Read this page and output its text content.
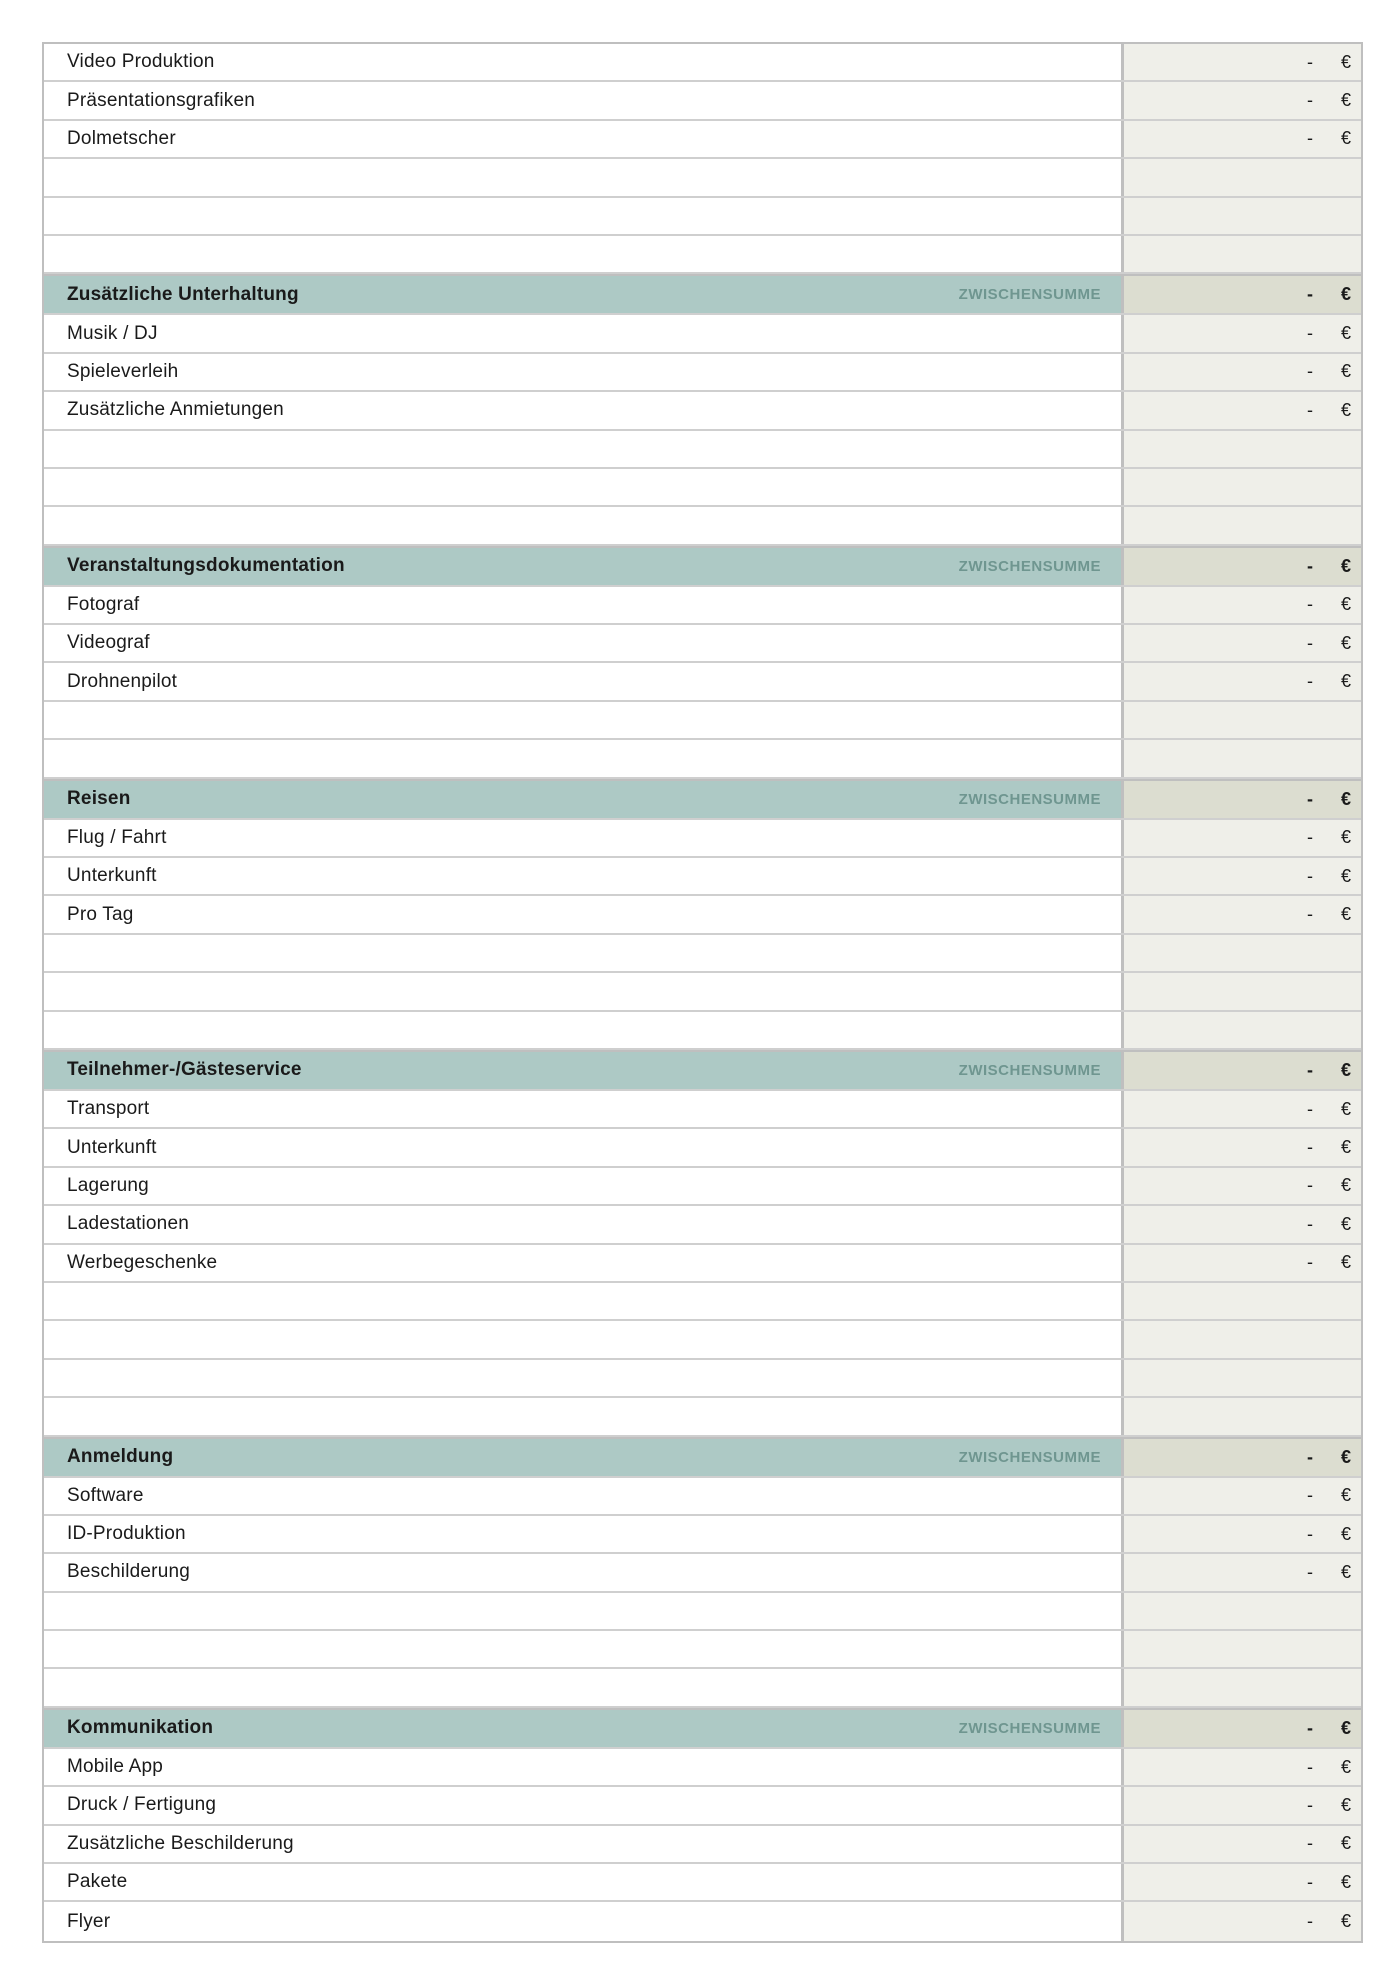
Video Produktion	- €
Präsentationsgrafiken	- €
Dolmetscher	- €
Zusätzliche Unterhaltung	ZWISCHENSUMME	- €
Musik / DJ	- €
Spieleverleih	- €
Zusätzliche Anmietungen	- €
Veranstaltungsdokumentation	ZWISCHENSUMME	- €
Fotograf	- €
Videograf	- €
Drohnenpilot	- €
Reisen	ZWISCHENSUMME	- €
Flug / Fahrt	- €
Unterkunft	- €
Pro Tag	- €
Teilnehmer-/Gästeservice	ZWISCHENSUMME	- €
Transport	- €
Unterkunft	- €
Lagerung	- €
Ladestationen	- €
Werbegeschenke	- €
Anmeldung	ZWISCHENSUMME	- €
Software	- €
ID-Produktion	- €
Beschilderung	- €
Kommunikation	ZWISCHENSUMME	- €
Mobile App	- €
Druck / Fertigung	- €
Zusätzliche Beschilderung	- €
Pakete	- €
Flyer	- €
